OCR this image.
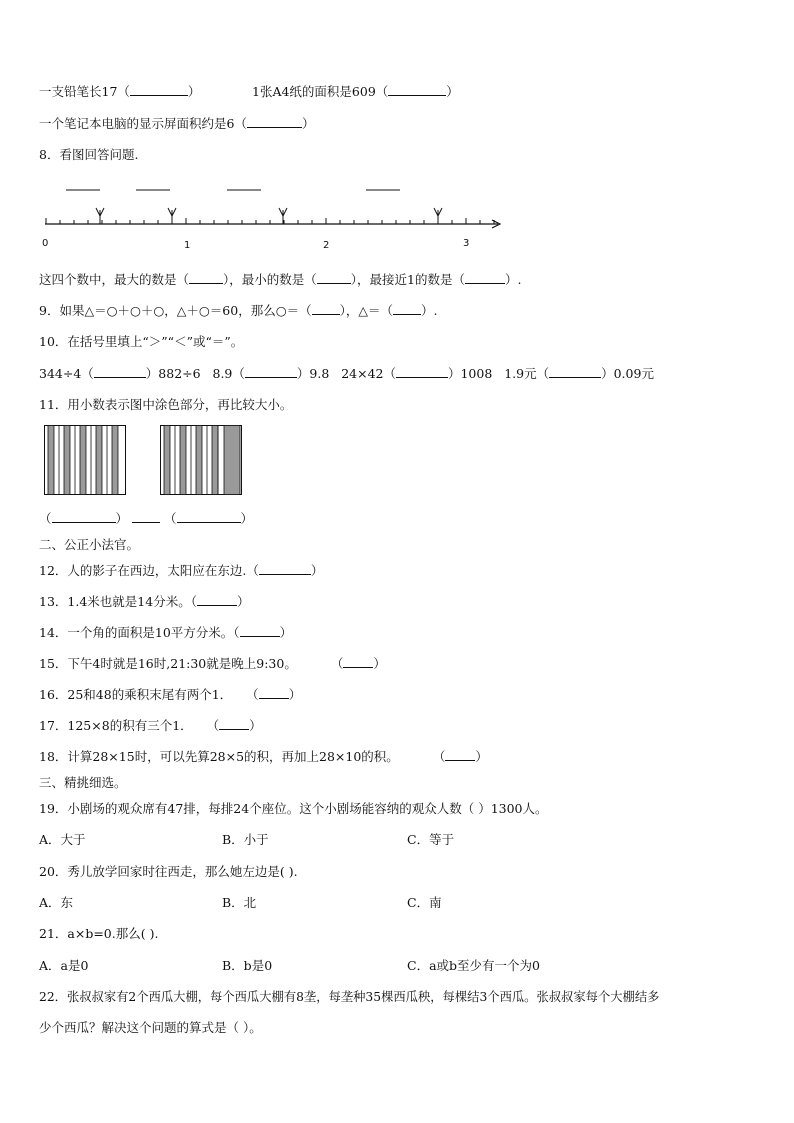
一支铅笔长17（	）	1张A4纸的面积是609（	）
一个笔记本电脑的显示屏面积约是6（	）
8．看图回答问题.
0	1	2	3
这四个数中，最大的数是（	），最小的数是（	），最接近1的数是（	）.
9．如果△＝○＋○＋○，△＋○＝60，那么○＝（ ），△＝（ ）.
10．在括号里填上“＞”“＜”或“＝”。
344÷4（	）882÷6   8.9（	）9.8   24×42（	）1008   1.9元（	）0.09元
11．用小数表示图中涂色部分，再比较大小。
（	）	（	）
二、公正小法官。
12．人的影子在西边，太阳应在东边.（	）
13．1.4米也就是14分米。（	）
14．一个角的面积是10平方分米。（	）
15．下午4时就是16时,21:30就是晚上9:30。	（ ）
16．25和48的乘积末尾有两个1． （ ）
17．125×8的积有三个1． （ ）
18．计算28×15时，可以先算28×5的积，再加上28×10的积。	（ ）
三、精挑细选。
19．小剧场的观众席有47排，每排24个座位。这个小剧场能容纳的观众人数（ ）1300人。
A．大于	B．小于	C．等于
20．秀儿放学回家时往西走，那么她左边是( ).
A．东	B．北	C．南
21．a×b=0.那么( ).
A．a是0	B．b是0	C．a或b至少有一个为0
22．张叔叔家有2个西瓜大棚，每个西瓜大棚有8垄，每垄种35棵西瓜秧，每棵结3个西瓜。张叔叔家每个大棚结多
少个西瓜？解决这个问题的算式是（ ）。
